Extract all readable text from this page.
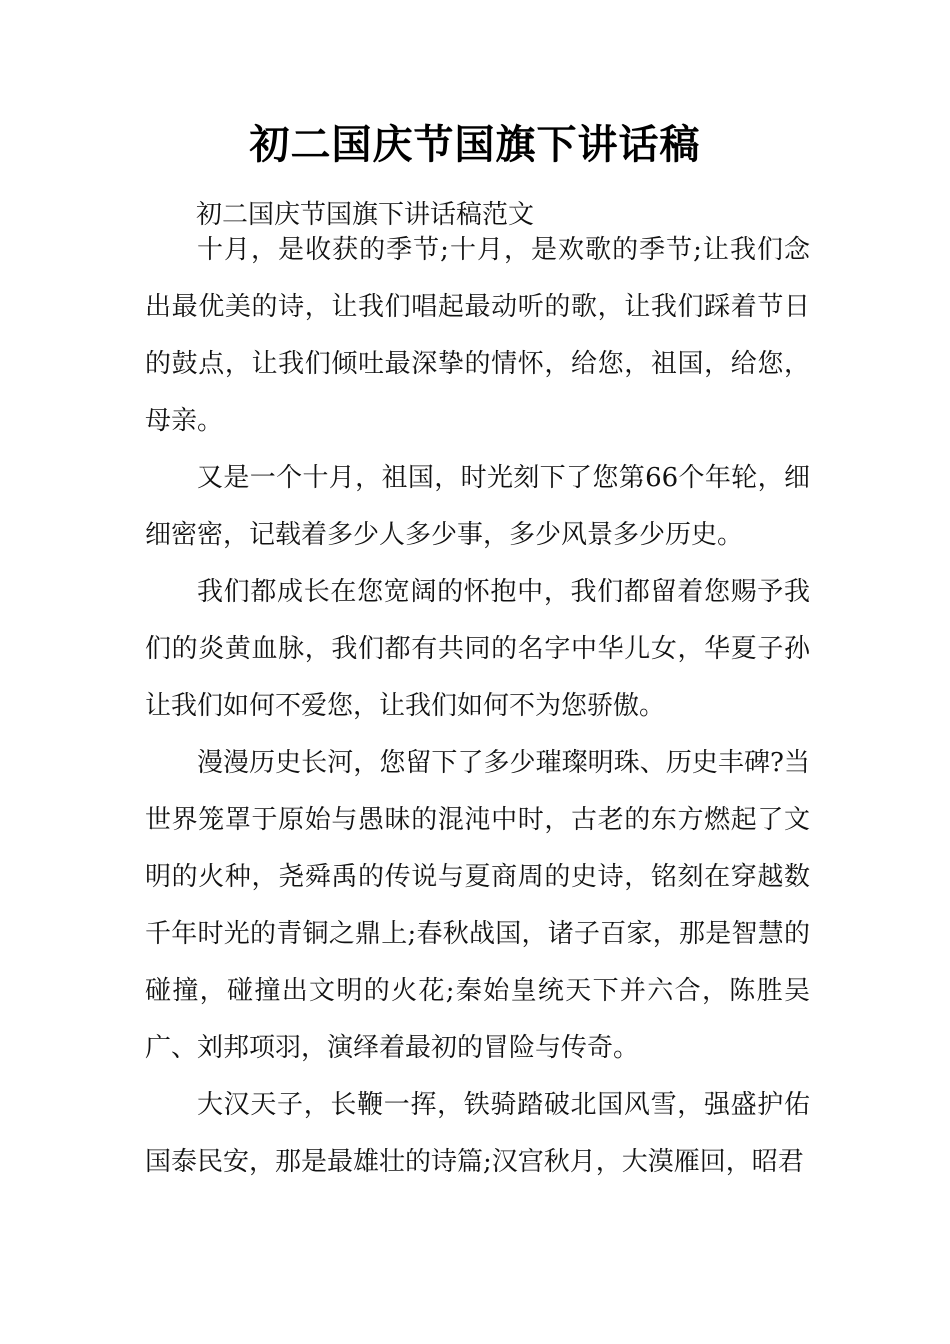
初二国庆节国旗下讲话稿
初二国庆节国旗下讲话稿范文

十月，是收获的季节;十月，是欢歌的季节;让我们念出最优美的诗，让我们唱起最动听的歌，让我们踩着节日的鼓点，让我们倾吐最深挚的情怀，给您，祖国，给您，母亲。

又是一个十月，祖国，时光刻下了您第66个年轮，细细密密，记载着多少人多少事，多少风景多少历史。

我们都成长在您宽阔的怀抱中，我们都留着您赐予我们的炎黄血脉，我们都有共同的名字中华儿女，华夏子孙让我们如何不爱您，让我们如何不为您骄傲。

漫漫历史长河，您留下了多少璀璨明珠、历史丰碑?当世界笼罩于原始与愚昧的混沌中时，古老的东方燃起了文明的火种，尧舜禹的传说与夏商周的史诗，铭刻在穿越数千年时光的青铜之鼎上;春秋战国，诸子百家，那是智慧的碰撞，碰撞出文明的火花;秦始皇统天下并六合，陈胜吴广、刘邦项羽，演绎着最初的冒险与传奇。

大汉天子，长鞭一挥，铁骑踏破北国风雪，强盛护佑国泰民安，那是最雄壮的诗篇;汉宫秋月，大漠雁回，昭君
